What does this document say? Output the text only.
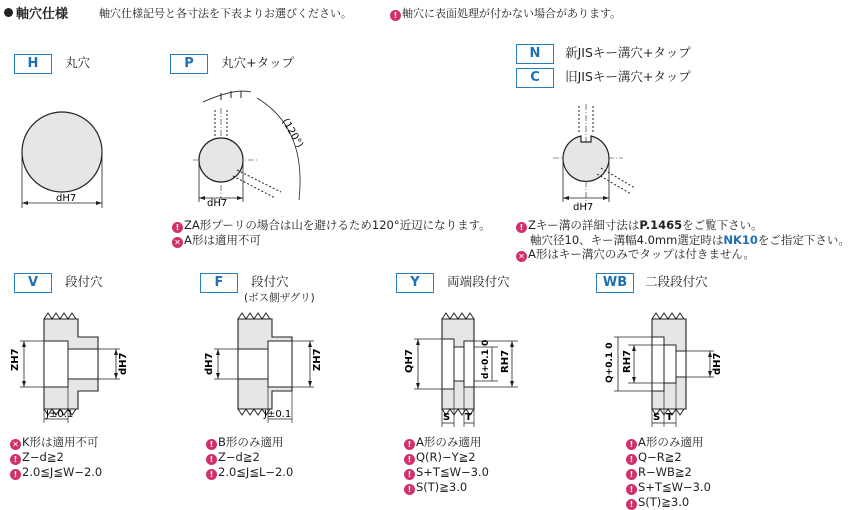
軸穴仕様	軸穴仕様記号と各寸法を下表よりお選びください。	! 軸穴に表面処理が付かない場合があります。
H 丸穴	P 丸穴+タップ
N 新JISキー溝穴+タップ
C 旧JISキー溝穴+タップ
dH7
(120°)
dH7	dH7
! ZA形プーリの場合は山を避けるため120°近辺になります。
✕ A形は適用不可
! Zキー溝の詳細寸法はP.1465をご覧下さい。
軸穴径10、キー溝幅4.0mm選定時はNK10をご指定下さい。
✕ A形はキー溝穴のみでタップは付きません。
V 段付穴	F 段付穴
(ボス側ザグリ)
Y 両端段付穴	WB 二段段付穴
ZH7	dH7
J±0.1
dH7	ZH7
J±0.1
QH7	d+0.1 0 RH7
S T
Q+0.1 0 RH7	dH7
S T
✕ K形は適用不可
! Z−d≧2
! 2.0≦J≦W−2.0
! B形のみ適用
! Z−d≧2
! 2.0≦J≦L−2.0
! A形のみ適用
! Q(R)−Y≧2
! S+T≦W−3.0
! S(T)≧3.0
! A形のみ適用
! Q−R≧2
! R−WB≧2
! S+T≦W−3.0
! S(T)≧3.0
